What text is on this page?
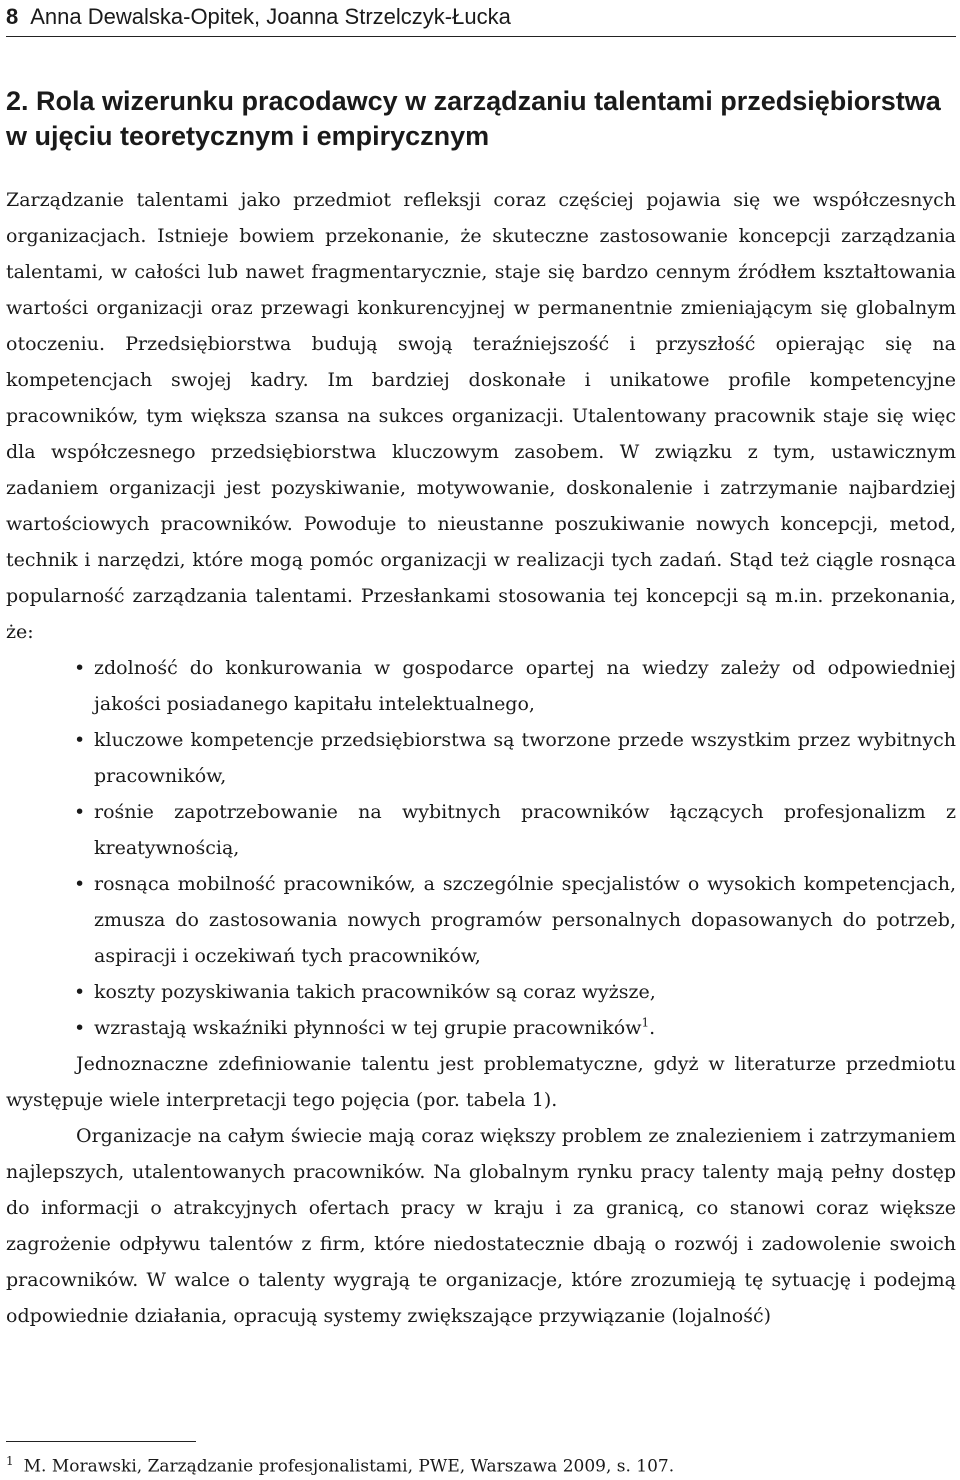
8 Anna Dewalska-Opitek, Joanna Strzelczyk-Łucka
2. Rola wizerunku pracodawcy w zarządzaniu talentami przedsiębiorstwa w ujęciu teoretycznym i empirycznym

Zarządzanie talentami jako przedmiot refleksji coraz częściej pojawia się we współczesnych organizacjach. Istnieje bowiem przekonanie, że skuteczne zastosowanie koncepcji zarządzania talentami, w całości lub nawet fragmentarycznie, staje się bardzo cennym źródłem kształtowania wartości organizacji oraz przewagi konkurencyjnej w permanentnie zmieniającym się globalnym otoczeniu. Przedsiębiorstwa budują swoją teraźniejszość i przyszłość opierając się na kompetencjach swojej kadry. Im bardziej doskonałe i unikatowe profile kompetencyjne pracowników, tym większa szansa na sukces organizacji. Utalentowany pracownik staje się więc dla współczesnego przedsiębiorstwa kluczowym zasobem. W związku z tym, ustawicznym zadaniem organizacji jest pozyskiwanie, motywowanie, doskonalenie i zatrzymanie najbardziej wartościowych pracowników. Powoduje to nieustanne poszukiwanie nowych koncepcji, metod, technik i narzędzi, które mogą pomóc organizacji w realizacji tych zadań. Stąd też ciągle rosnąca popularność zarządzania talentami. Przesłankami stosowania tej koncepcji są m.in. przekonania, że:

• zdolność do konkurowania w gospodarce opartej na wiedzy zależy od odpowiedniej jakości posiadanego kapitału intelektualnego,
• kluczowe kompetencje przedsiębiorstwa są tworzone przede wszystkim przez wybitnych pracowników,
• rośnie zapotrzebowanie na wybitnych pracowników łączących profesjonalizm z kreatywnością,
• rosnąca mobilność pracowników, a szczególnie specjalistów o wysokich kompetencjach, zmusza do zastosowania nowych programów personalnych dopasowanych do potrzeb, aspiracji i oczekiwań tych pracowników,
• koszty pozyskiwania takich pracowników są coraz wyższe,
• wzrastają wskaźniki płynności w tej grupie pracowników$^1$.

Jednoznaczne zdefiniowanie talentu jest problematyczne, gdyż w literaturze przedmiotu występuje wiele interpretacji tego pojęcia (por. tabela 1).

Organizacje na całym świecie mają coraz większy problem ze znalezieniem i zatrzymaniem najlepszych, utalentowanych pracowników. Na globalnym rynku pracy talenty mają pełny dostęp do informacji o atrakcyjnych ofertach pracy w kraju i za granicą, co stanowi coraz większe zagrożenie odpływu talentów z firm, które niedostatecznie dbają o rozwój i zadowolenie swoich pracowników. W walce o talenty wygrają te organizacje, które zrozumieją tę sytuację i podejmą odpowiednie działania, opracują systemy zwiększające przywiązanie (lojalność)

$^1$ M. Morawski, Zarządzanie profesjonalistami, PWE, Warszawa 2009, s. 107.
